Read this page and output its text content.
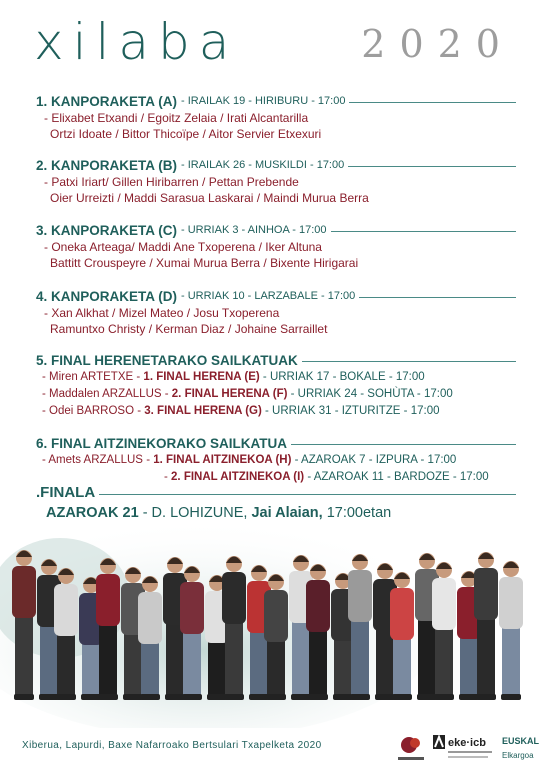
xilaba	2020
1. KANPORAKETA (A) - IRAILAK 19 - HIRIBURU - 17:00
- Elixabet Etxandi / Egoitz Zelaia / Irati Alcantarilla
Ortzi Idoate / Bittor Thicoïpe / Aitor Servier Etxexuri
2. KANPORAKETA (B) - IRAILAK 26 - MUSKILDI - 17:00
- Patxi Iriart/ Gillen Hiribarren / Pettan Prebende
Oier Urreizti / Maddi Sarasua Laskarai / Maindi Murua Berra
3. KANPORAKETA (C) - URRIAK 3 - AINHOA - 17:00
- Oneka Arteaga/ Maddi Ane Txoperena / Iker Altuna
Battitt Crouspeyre / Xumai Murua Berra / Bixente Hirigarai
4. KANPORAKETA (D) - URRIAK 10 - LARZABALE - 17:00
- Xan Alkhat / Mizel Mateo / Josu Txoperena
Ramuntxo Christy / Kerman Diaz / Johaine Sarraillet
5. FINAL HERENETARAKO SAILKATUAK
- Miren ARTETXE - 1. FINAL HERENA (E) - URRIAK 17 - BOKALE - 17:00
- Maddalen ARZALLUS - 2. FINAL HERENA (F) - URRIAK 24 - SOHÙTA - 17:00
- Odei BARROSO - 3. FINAL HERENA (G) - URRIAK 31 - IZTURITZE - 17:00
6. FINAL AITZINEKORAKO SAILKATUA
- Amets ARZALLUS - 1. FINAL AITZINEKOA (H) - AZAROAK 7 - IZPURA - 17:00
- 2. FINAL AITZINEKOA (I) - AZAROAK 11 - BARDOZE - 17:00
.FINALA
AZAROAK 21 - D. LOHIZUNE, Jai Alaian, 17:00etan
Xiberua, Lapurdi, Baxe Nafarroako Bertsulari Txapelketa 2020	eke·icb EUSKAL
Elkargoa
